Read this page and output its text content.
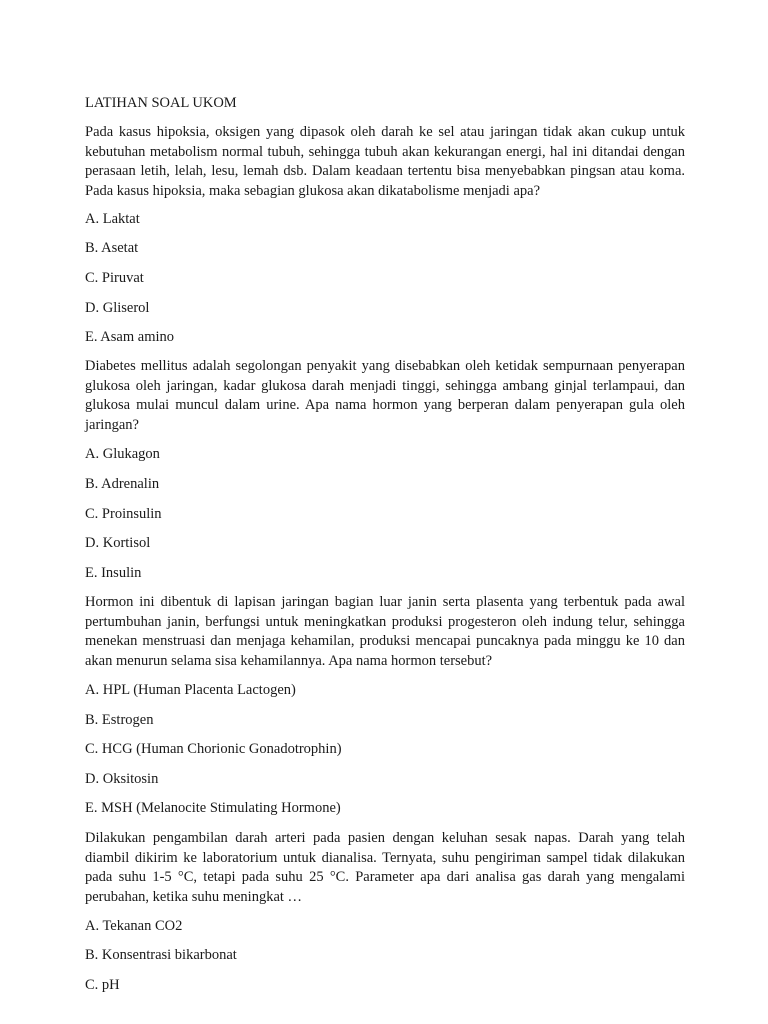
LATIHAN SOAL UKOM
Pada kasus hipoksia, oksigen yang dipasok oleh darah ke sel atau jaringan tidak akan cukup untuk kebutuhan metabolism normal tubuh, sehingga tubuh akan kekurangan energi, hal ini ditandai dengan perasaan letih, lelah, lesu, lemah dsb. Dalam keadaan tertentu bisa menyebabkan pingsan atau koma. Pada kasus hipoksia, maka sebagian glukosa akan dikatabolisme menjadi apa?
A. Laktat
B. Asetat
C. Piruvat
D. Gliserol
E. Asam amino
Diabetes mellitus adalah segolongan penyakit yang disebabkan oleh ketidak sempurnaan penyerapan glukosa oleh jaringan, kadar glukosa darah menjadi tinggi, sehingga ambang ginjal terlampaui, dan glukosa mulai muncul dalam urine. Apa nama hormon yang berperan dalam penyerapan gula oleh jaringan?
A. Glukagon
B. Adrenalin
C. Proinsulin
D. Kortisol
E. Insulin
Hormon ini dibentuk di lapisan jaringan bagian luar janin serta plasenta yang terbentuk pada awal pertumbuhan janin, berfungsi untuk meningkatkan produksi progesteron oleh indung telur, sehingga menekan menstruasi dan menjaga kehamilan, produksi mencapai puncaknya pada minggu ke 10 dan akan menurun selama sisa kehamilannya. Apa nama hormon tersebut?
A. HPL (Human Placenta Lactogen)
B. Estrogen
C. HCG (Human Chorionic Gonadotrophin)
D. Oksitosin
E. MSH (Melanocite Stimulating Hormone)
Dilakukan pengambilan darah arteri pada pasien dengan keluhan sesak napas. Darah yang telah diambil dikirim ke laboratorium untuk dianalisa. Ternyata, suhu pengiriman sampel tidak dilakukan pada suhu 1-5 °C, tetapi pada suhu 25 °C. Parameter apa dari analisa gas darah yang mengalami perubahan, ketika suhu meningkat …
A. Tekanan CO2
B. Konsentrasi bikarbonat
C. pH
